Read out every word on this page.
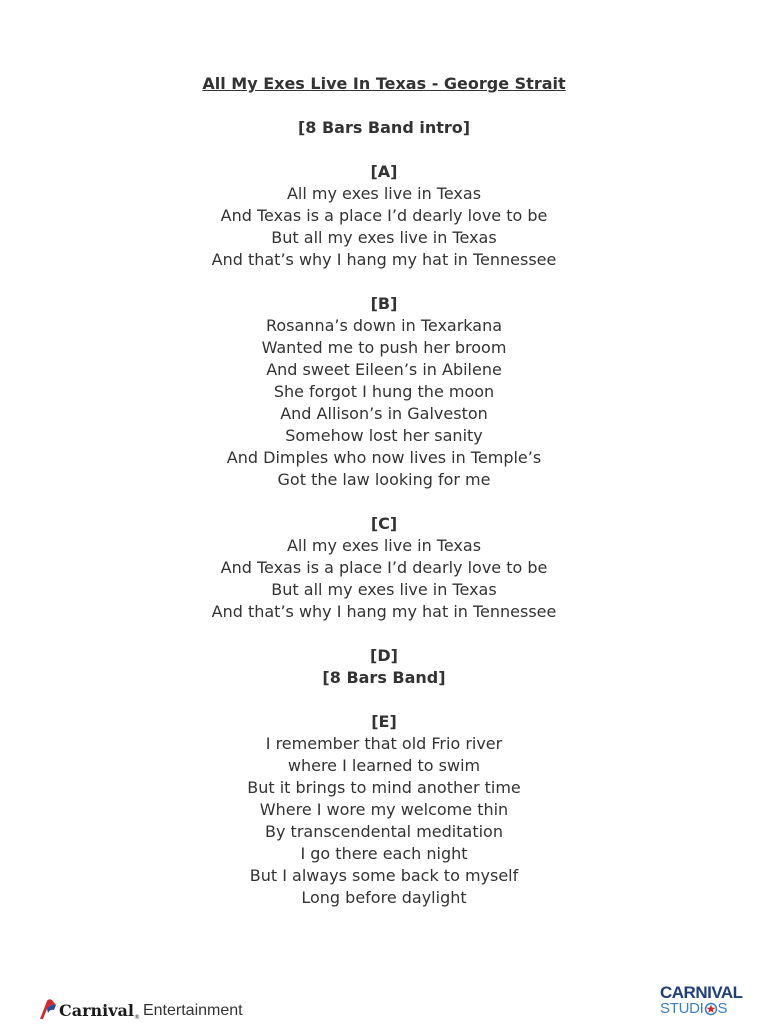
All My Exes Live In Texas - George Strait
[8 Bars Band intro]
[A]
All my exes live in Texas
And Texas is a place I’d dearly love to be
But all my exes live in Texas
And that’s why I hang my hat in Tennessee
[B]
Rosanna’s down in Texarkana
Wanted me to push her broom
And sweet Eileen’s in Abilene
She forgot I hung the moon
And Allison’s in Galveston
Somehow lost her sanity
And Dimples who now lives in Temple’s
Got the law looking for me
[C]
All my exes live in Texas
And Texas is a place I’d dearly love to be
But all my exes live in Texas
And that’s why I hang my hat in Tennessee
[D]
[8 Bars Band]
[E]
I remember that old Frio river
where I learned to swim
But it brings to mind another time
Where I wore my welcome thin
By transcendental meditation
I go there each night
But I always some back to myself
Long before daylight
Carnival ® Entertainment
CARNIVAL
STUDI S
